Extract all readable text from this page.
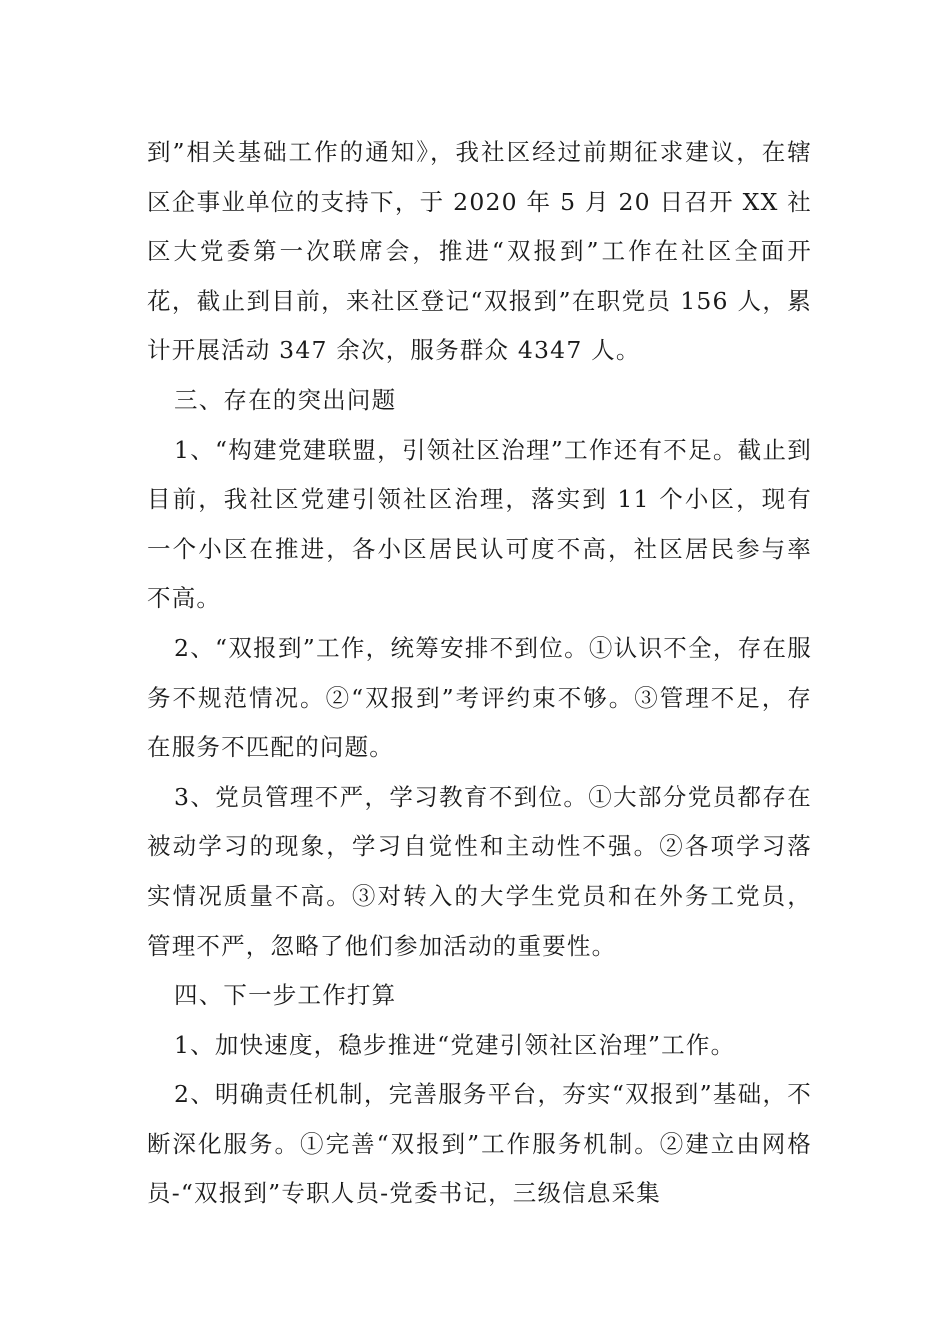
到”相关基础工作的通知》，我社区经过前期征求建议，在辖区企事业单位的支持下，于 2020 年 5 月 20 日召开 XX 社区大党委第一次联席会，推进“双报到”工作在社区全面开花，截止到目前，来社区登记“双报到”在职党员 156 人，累计开展活动 347 余次，服务群众 4347 人。

三、存在的突出问题

1、“构建党建联盟，引领社区治理”工作还有不足。截止到目前，我社区党建引领社区治理，落实到 11 个小区，现有一个小区在推进，各小区居民认可度不高，社区居民参与率不高。

2、“双报到”工作，统筹安排不到位。①认识不全，存在服务不规范情况。②“双报到”考评约束不够。③管理不足，存在服务不匹配的问题。

3、党员管理不严，学习教育不到位。①大部分党员都存在被动学习的现象，学习自觉性和主动性不强。②各项学习落实情况质量不高。③对转入的大学生党员和在外务工党员，管理不严，忽略了他们参加活动的重要性。

四、下一步工作打算

1、加快速度，稳步推进“党建引领社区治理”工作。

2、明确责任机制，完善服务平台，夯实“双报到”基础，不断深化服务。①完善“双报到”工作服务机制。②建立由网格员-“双报到”专职人员-党委书记，三级信息采集
